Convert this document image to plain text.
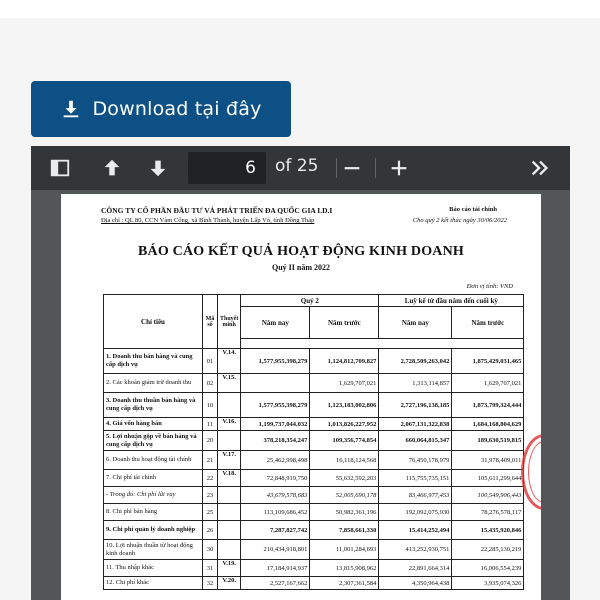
Download tại đây
6	of 25
CÔNG TY CỔ PHẦN ĐẦU TƯ VÀ PHÁT TRIỂN ĐA QUỐC GIA I.D.I
Địa chỉ : QL 80, CCN Vàm Cống, xã Bình Thành, huyện Lấp Vò, tỉnh Đồng Tháp
Báo cáo tài chính
Cho quý 2 kết thúc ngày 30/06/2022
BÁO CÁO KẾT QUẢ HOẠT ĐỘNG KINH DOANH
Quý II năm 2022
Đơn vị tính: VND
Chỉ tiêu	Mã số	Thuyết minh	Quý 2		Luỹ kế từ đầu năm đến cuối kỳ	
			Năm nay	Năm trước	Năm nay	Năm trước

1. Doanh thu bán hàng và cung cấp dịch vụ	01	V.14.	1,577,955,398,279	1,124,812,709,827	2,728,509,263,042	1,875,429,031,465
2. Các khoản giảm trừ doanh thu	02	V.15.		1,629,707,021	1,313,114,857	1,629,707,021
3. Doanh thu thuần bán hàng và cung cấp dịch vụ	10		1,577,955,398,279	1,123,183,002,806	2,727,196,138,185	1,873,799,324,444
4. Giá vốn hàng bán	11	V.16.	1,199,737,044,032	1,013,826,227,952	2,067,131,322,838	1,684,168,804,629
5. Lợi nhuận gộp về bán hàng và cung cấp dịch vụ	20		378,218,354,247	109,356,774,854	660,064,815,347	189,630,519,815
6. Doanh thu hoạt động tài chính	21	V.17.	25,462,998,498	16,118,124,568	76,450,178,979	31,978,409,011
7. Chi phí tài chính	22	V.18.	72,848,919,750	55,632,592,203	115,755,735,151	105,611,299,644
- Trong đó: Chi phí lãi vay	23		43,679,578,683	52,005,690,178	83,466,977,453	100,549,906,443
8. Chi phí bán hàng	25		113,109,686,452	50,982,361,196	192,092,075,930	78,276,578,117
9. Chi phí quản lý doanh nghiệp	26		7,287,827,742	7,858,661,330	15,414,252,494	15,435,920,846
10. Lợi nhuận thuần từ hoạt động kinh doanh	30		210,434,918,801	11,001,284,693	413,252,930,751	22,285,130,219
11. Thu nhập khác	31	V.19.	17,184,914,937	13,815,908,962	22,891,664,314	16,006,554,239
12. Chi phí khác	32	V.20.	2,527,167,662	2,307,361,584	4,350,964,438	3,935,074,326
